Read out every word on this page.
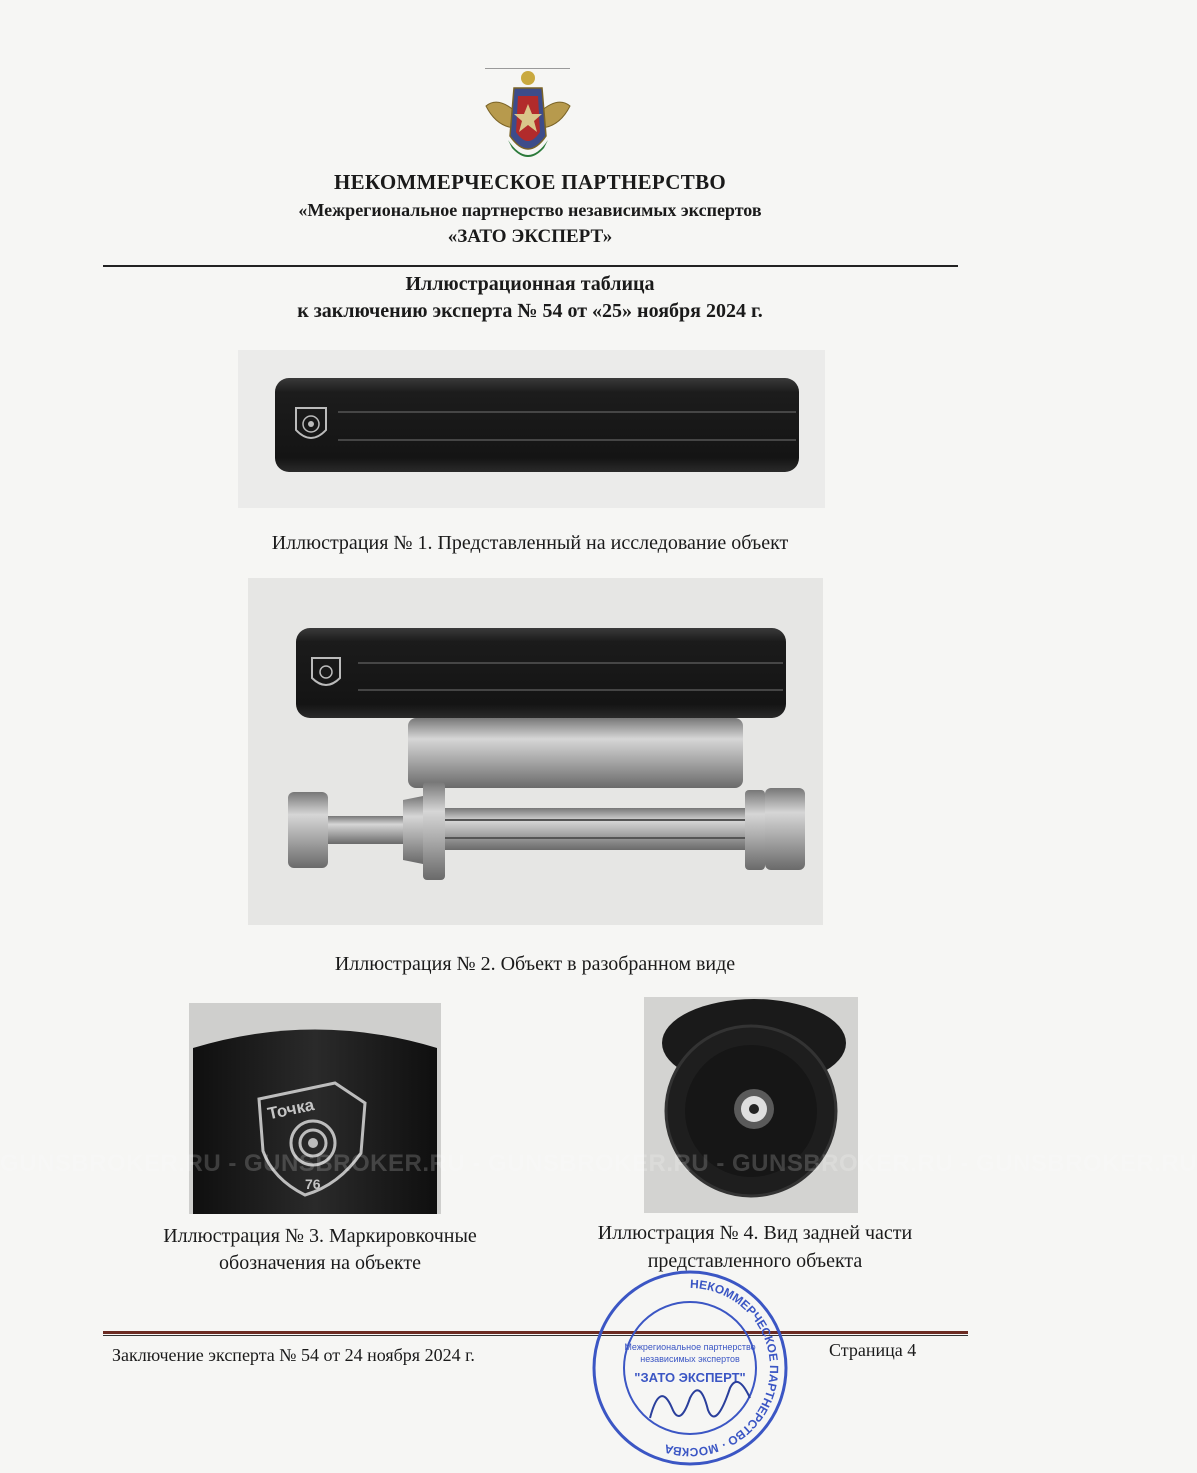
НЕКОММЕРЧЕСКОЕ ПАРТНЕРСТВО
«Межрегиональное партнерство независимых экспертов
«ЗАТО ЭКСПЕРТ»
Иллюстрационная таблица
к заключению эксперта № 54 от «25» ноября 2024 г.
Иллюстрация № 1. Представленный на исследование объект
Иллюстрация № 2. Объект в разобранном виде
Точка
76
Иллюстрация № 3. Маркировкочные
обозначения на объекте
Иллюстрация № 4. Вид задней части
представленного объекта
GUNSBROKER.RU - GUNSBROKER.RU - GUNSBROKER.RU - GUNSBROKER.RU - GUNSBROKER.RU
Заключение эксперта № 54 от 24 ноября 2024 г.	Страница 4
НЕКОММЕРЧЕСКОЕ ПАРТНЕРСТВО · МОСКВА
Межрегиональное партнерство
независимых экспертов
"ЗАТО ЭКСПЕРТ"
